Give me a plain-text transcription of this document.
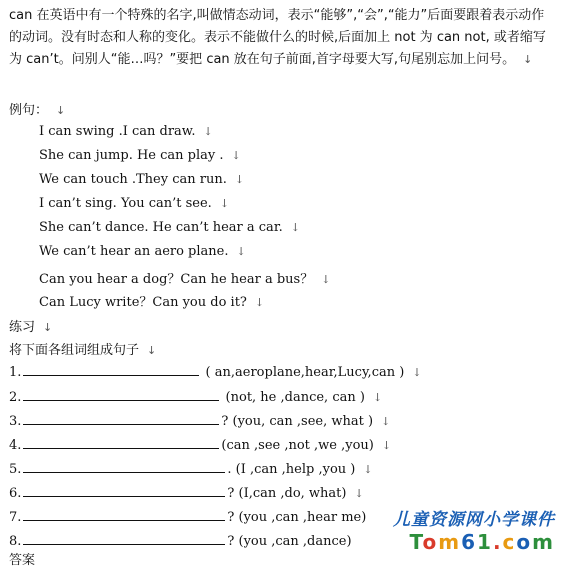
can 在英语中有一个特殊的名字,叫做情态动词，表示“能够”,“会”,“能力”后面要跟着表示动作的动词。没有时态和人称的变化。表示不能做什么的时候,后面加上 not 为 can not, 或者缩写为 can’t。问别人“能…吗？”要把 can 放在句子前面,首字母要大写,句尾别忘加上问号。 ↓
例句： ↓
I can swing .I can draw. ↓
She can jump. He can play . ↓
We can touch .They can run. ↓
I can’t sing. You can’t see. ↓
She can’t dance. He can’t hear a car. ↓
We can’t hear an aero plane. ↓
Can you hear a dog？Can he hear a bus？ ↓
Can Lucy write？Can you do it? ↓
练习 ↓
将下面各组词组成句子 ↓
1.	( an,aeroplane,hear,Lucy,can ) ↓
2.	(not, he ,dance, can ) ↓
3.	? (you, can ,see, what ) ↓
4.	(can ,see ,not ,we ,you) ↓
5.	. (I ,can ,help ,you ) ↓
6.	? (I,can ,do, what) ↓
7.	? (you ,can ,hear me)
8.	? (you ,can ,dance)
答案
儿童资源网小学课件
Tom61.com
